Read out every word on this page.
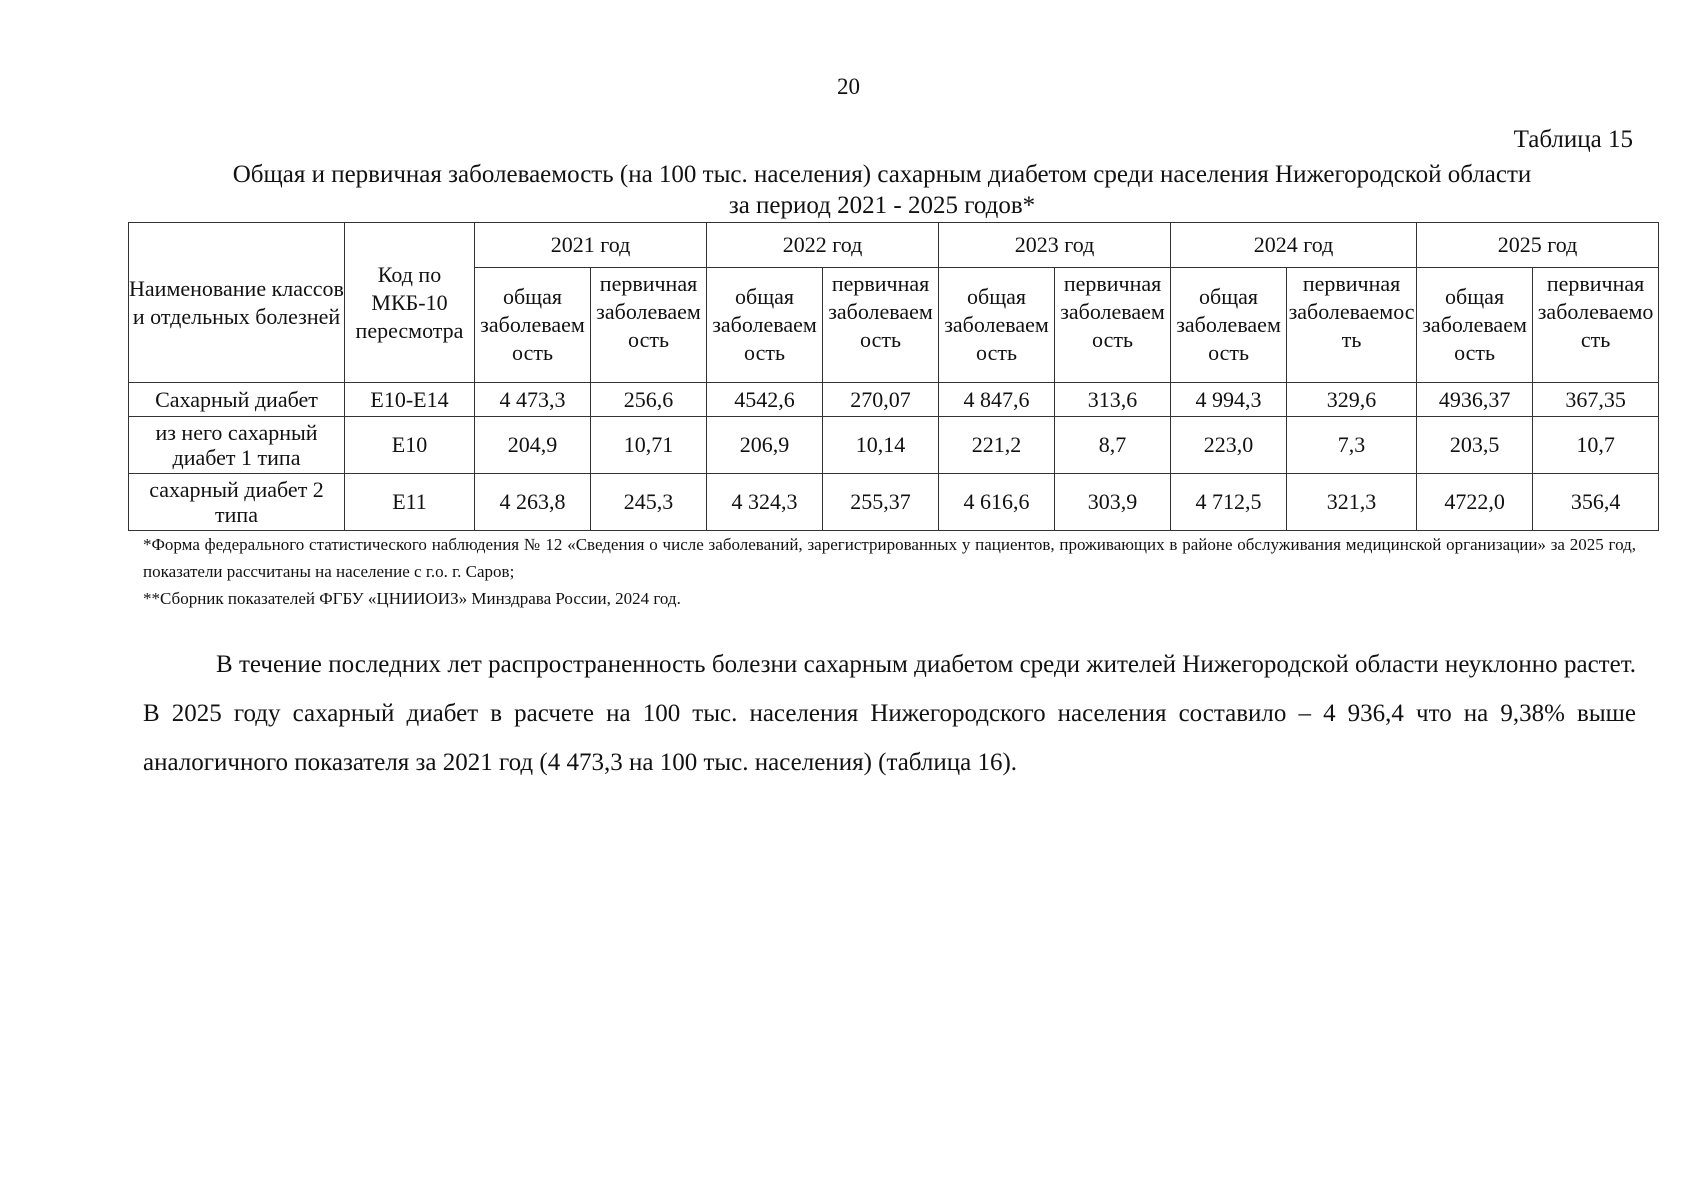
20
Таблица 15
Общая и первичная заболеваемость (на 100 тыс. населения) сахарным диабетом среди населения Нижегородской области
за период 2021 - 2025 годов*
Наименование классов и отдельных болезней	Код по МКБ-10 пересмотра	2021 год		2022 год		2023 год		2024 год		2025 год	
		общая заболеваемость	первичная заболеваемость	общая заболеваемость	первичная заболеваемость	общая заболеваемость	первичная заболеваемость	общая заболеваемость	первичная заболеваемость	общая заболеваемость	первичная заболеваемость
Сахарный диабет	E10-E14	4 473,3	256,6	4542,6	270,07	4 847,6	313,6	4 994,3	329,6	4936,37	367,35
из него сахарный диабет 1 типа	E10	204,9	10,71	206,9	10,14	221,2	8,7	223,0	7,3	203,5	10,7
сахарный диабет 2 типа	E11	4 263,8	245,3	4 324,3	255,37	4 616,6	303,9	4 712,5	321,3	4722,0	356,4

*Форма федерального статистического наблюдения № 12 «Сведения о числе заболеваний, зарегистрированных у пациентов, проживающих в районе обслуживания медицинской организации» за 2025 год, показатели рассчитаны на население с г.о. г. Саров;

**Сборник показателей ФГБУ «ЦНИИОИЗ» Минздрава России, 2024 год.

В течение последних лет распространенность болезни сахарным диабетом среди жителей Нижегородской области неуклонно растет. В 2025 году сахарный диабет в расчете на 100 тыс. населения Нижегородского населения составило – 4 936,4 что на 9,38% выше аналогичного показателя за 2021 год (4 473,3 на 100 тыс. населения) (таблица 16).
